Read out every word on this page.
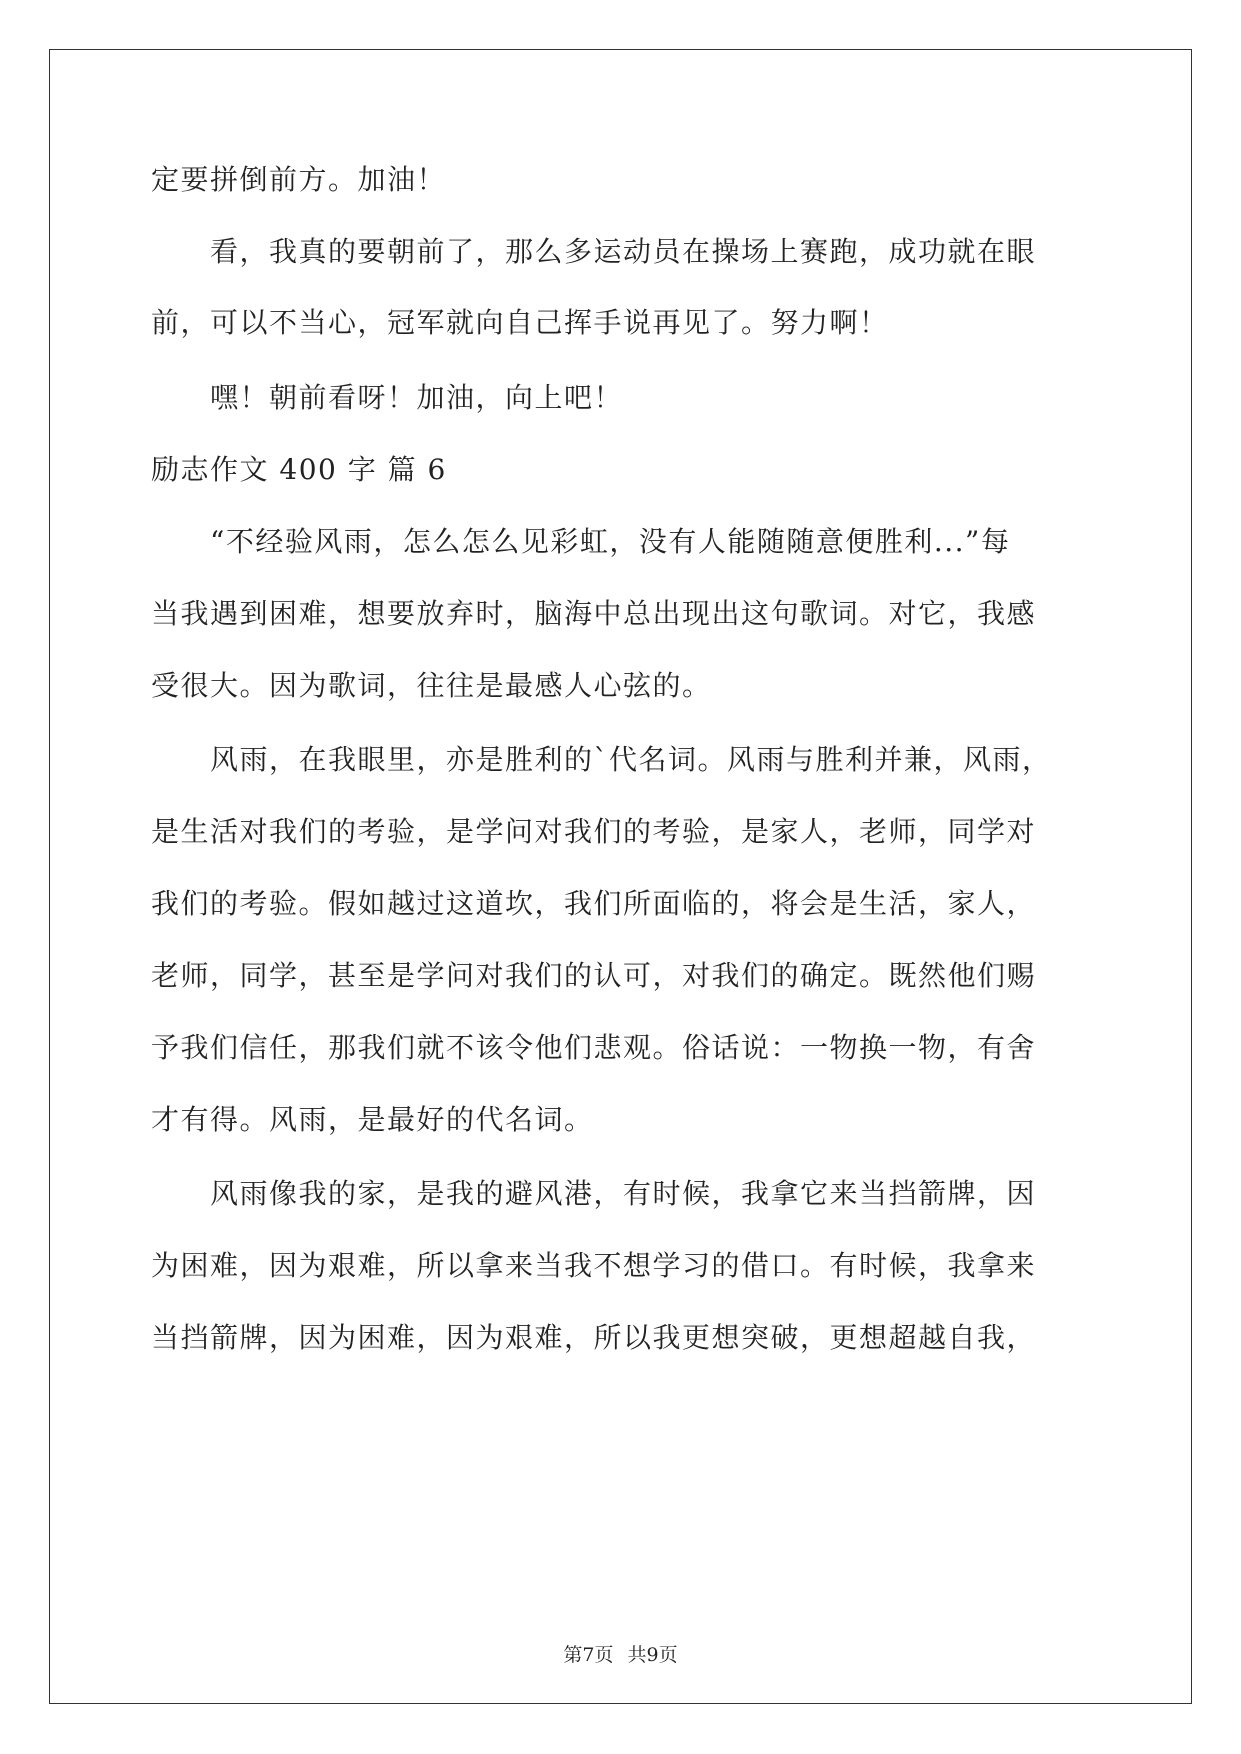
定要拼倒前方。加油！
　　看，我真的要朝前了，那么多运动员在操场上赛跑，成功就在眼
前，可以不当心，冠军就向自己挥手说再见了。努力啊！
　　嘿！朝前看呀！加油，向上吧！
励志作文 400 字 篇 6
　　“不经验风雨，怎么怎么见彩虹，没有人能随随意便胜利...”每
当我遇到困难，想要放弃时，脑海中总出现出这句歌词。对它，我感
受很大。因为歌词，往往是最感人心弦的。
　　风雨，在我眼里，亦是胜利的`代名词。风雨与胜利并兼，风雨，
是生活对我们的考验，是学问对我们的考验，是家人，老师，同学对
我们的考验。假如越过这道坎，我们所面临的，将会是生活，家人，
老师，同学，甚至是学问对我们的认可，对我们的确定。既然他们赐
予我们信任，那我们就不该令他们悲观。俗话说：一物换一物，有舍
才有得。风雨，是最好的代名词。
　　风雨像我的家，是我的避风港，有时候，我拿它来当挡箭牌，因
为困难，因为艰难，所以拿来当我不想学习的借口。有时候，我拿来
当挡箭牌，因为困难，因为艰难，所以我更想突破，更想超越自我，
第7页 共9页
